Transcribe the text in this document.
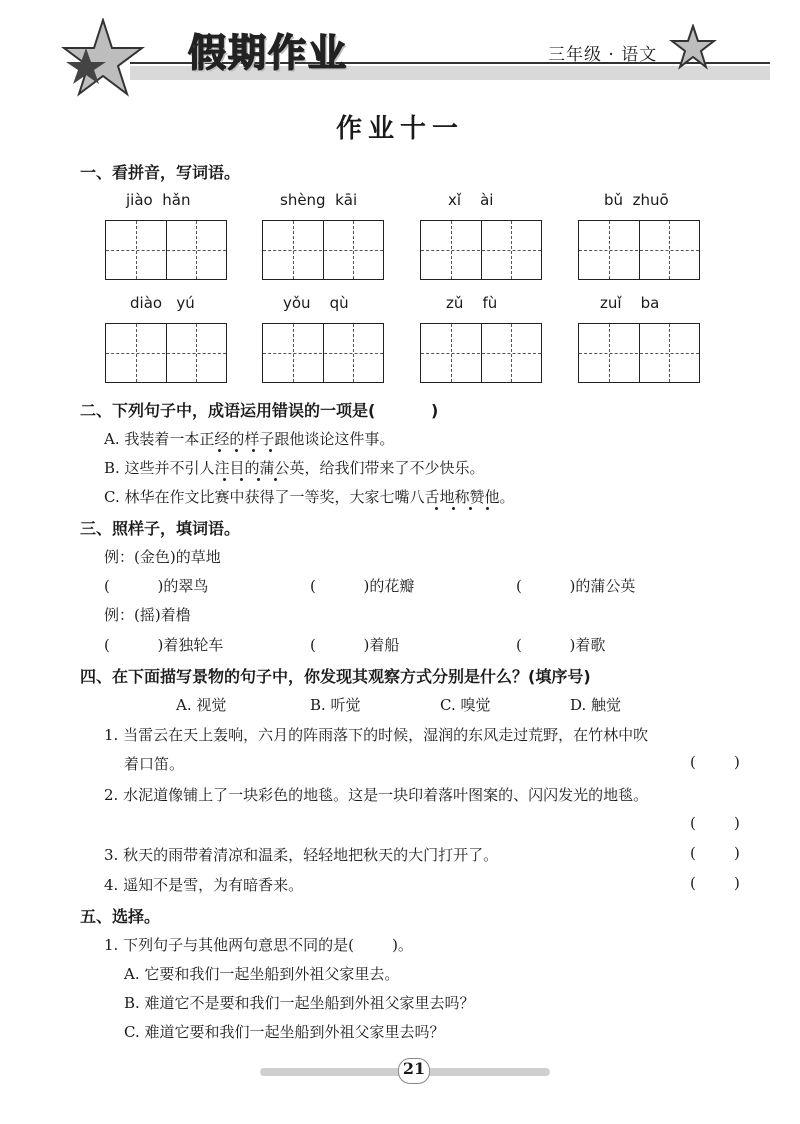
假期作业	三年级 · 语文
作业十一
一、看拼音，写词语。
jiào  hǎn	shèng  kāi	xǐ    ài	bǔ  zhuō
diào   yú	yǒu    qù	zǔ    fù	zuǐ    ba
二、下列句子中，成语运用错误的一项是(          )
A. 我装着一本正经的样子跟他谈论这件事。
B. 这些并不引人注目的蒲公英，给我们带来了不少快乐。
C. 林华在作文比赛中获得了一等奖，大家七嘴八舌地称赞他。
三、照样子，填词语。
例：(金色)的草地
(          )的翠鸟	(          )的花瓣	(          )的蒲公英
例：(摇)着橹
(          )着独轮车	(          )着船	(          )着歌
四、在下面描写景物的句子中，你发现其观察方式分别是什么？(填序号)
A. 视觉	B. 听觉	C. 嗅觉	D. 触觉
1. 当雷云在天上轰响，六月的阵雨落下的时候，湿润的东风走过荒野，在竹林中吹
着口笛。	(        )
2. 水泥道像铺上了一块彩色的地毯。这是一块印着落叶图案的、闪闪发光的地毯。
(        )
3. 秋天的雨带着清凉和温柔，轻轻地把秋天的大门打开了。	(        )
4. 遥知不是雪，为有暗香来。	(        )
五、选择。
1. 下列句子与其他两句意思不同的是(        )。
A. 它要和我们一起坐船到外祖父家里去。
B. 难道它不是要和我们一起坐船到外祖父家里去吗？
C. 难道它要和我们一起坐船到外祖父家里去吗？
21
